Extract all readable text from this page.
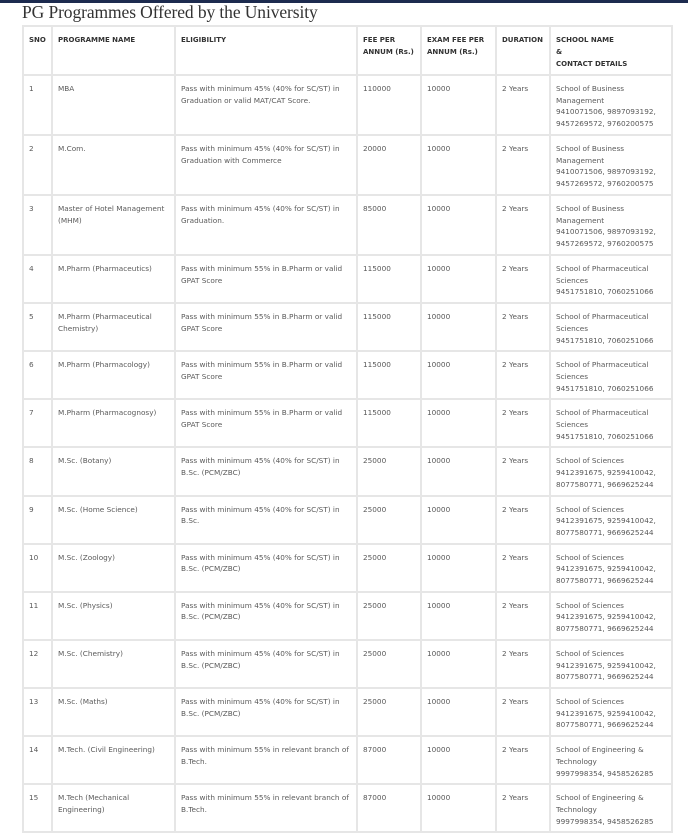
PG Programmes Offered by the University
SNO	PROGRAMME NAME	ELIGIBILITY	FEE PER ANNUM (Rs.)	EXAM FEE PER ANNUM (Rs.)	DURATION	SCHOOL NAME
&
CONTACT DETAILS

1	MBA	Pass with minimum 45% (40% for SC/ST) in Graduation or valid MAT/CAT Score.	110000	10000	2 Years	School of Business Management
9410071506, 9897093192, 9457269572, 9760200575

2	M.Com.	Pass with minimum 45% (40% for SC/ST) in Graduation with Commerce	20000	10000	2 Years	School of Business Management
9410071506, 9897093192, 9457269572, 9760200575

3	Master of Hotel Management (MHM)	Pass with minimum 45% (40% for SC/ST) in Graduation.	85000	10000	2 Years	School of Business Management
9410071506, 9897093192, 9457269572, 9760200575

4	M.Pharm (Pharmaceutics)	Pass with minimum 55% in B.Pharm or valid GPAT Score	115000	10000	2 Years	School of Pharmaceutical Sciences
9451751810, 7060251066

5	M.Pharm (Pharmaceutical Chemistry)	Pass with minimum 55% in B.Pharm or valid GPAT Score	115000	10000	2 Years	School of Pharmaceutical Sciences
9451751810, 7060251066

6	M.Pharm (Pharmacology)	Pass with minimum 55% in B.Pharm or valid GPAT Score	115000	10000	2 Years	School of Pharmaceutical Sciences
9451751810, 7060251066

7	M.Pharm (Pharmacognosy)	Pass with minimum 55% in B.Pharm or valid GPAT Score	115000	10000	2 Years	School of Pharmaceutical Sciences
9451751810, 7060251066

8	M.Sc. (Botany)	Pass with minimum 45% (40% for SC/ST) in B.Sc. (PCM/ZBC)	25000	10000	2 Years	School of Sciences
9412391675, 9259410042, 8077580771, 9669625244

9	M.Sc. (Home Science)	Pass with minimum 45% (40% for SC/ST) in B.Sc.	25000	10000	2 Years	School of Sciences
9412391675, 9259410042, 8077580771, 9669625244

10	M.Sc. (Zoology)	Pass with minimum 45% (40% for SC/ST) in B.Sc. (PCM/ZBC)	25000	10000	2 Years	School of Sciences
9412391675, 9259410042, 8077580771, 9669625244

11	M.Sc. (Physics)	Pass with minimum 45% (40% for SC/ST) in B.Sc. (PCM/ZBC)	25000	10000	2 Years	School of Sciences
9412391675, 9259410042, 8077580771, 9669625244

12	M.Sc. (Chemistry)	Pass with minimum 45% (40% for SC/ST) in B.Sc. (PCM/ZBC)	25000	10000	2 Years	School of Sciences
9412391675, 9259410042, 8077580771, 9669625244

13	M.Sc. (Maths)	Pass with minimum 45% (40% for SC/ST) in B.Sc. (PCM/ZBC)	25000	10000	2 Years	School of Sciences
9412391675, 9259410042, 8077580771, 9669625244

14	M.Tech. (Civil Engineering)	Pass with minimum 55% in relevant branch of B.Tech.	87000	10000	2 Years	School of Engineering & Technology
9997998354, 9458526285

15	M.Tech (Mechanical Engineering)	Pass with minimum 55% in relevant branch of B.Tech.	87000	10000	2 Years	School of Engineering & Technology
9997998354, 9458526285
